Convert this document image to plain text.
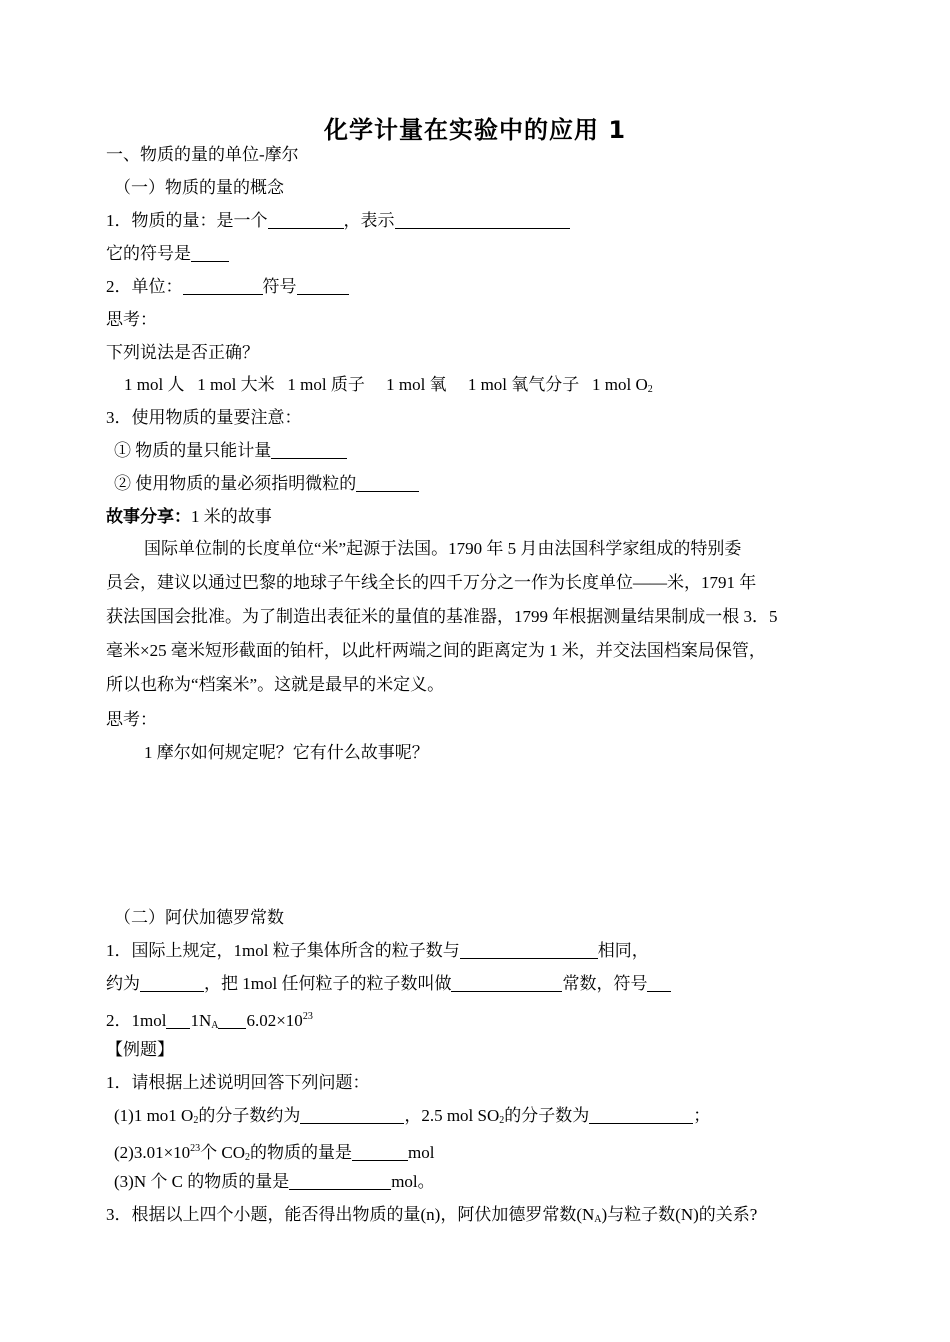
化学计量在实验中的应用 1
一、物质的量的单位-摩尔
（一）物质的量的概念
1．物质的量：是一个	，表示
它的符号是
2．单位：	符号
思考：
下列说法是否正确？
1 mol 人 1 mol 大米 1 mol 质子 1 mol 氧 1 mol 氧气分子 1 mol $O_2$
3．使用物质的量要注意：
① 物质的量只能计量
② 使用物质的量必须指明微粒的
故事分享：1 米的故事
国际单位制的长度单位“米”起源于法国。1790 年 5 月由法国科学家组成的特别委
员会，建议以通过巴黎的地球子午线全长的四千万分之一作为长度单位——米，1791 年
获法国国会批准。为了制造出表征米的量值的基准器，1799 年根据测量结果制成一根 3．5
毫米×25 毫米短形截面的铂杆，以此杆两端之间的距离定为 1 米，并交法国档案局保管，
所以也称为“档案米”。这就是最早的米定义。
思考：
1 摩尔如何规定呢？它有什么故事呢？
（二）阿伏加德罗常数
1．国际上规定，1mol 粒子集体所含的粒子数与	相同，
约为	，把 1mol 任何粒子的粒子数叫做	常数，符号
2．1mol $1N_A$ $6.02\times 10^{23}$
【例题】
1．请根据上述说明回答下列问题：
(1)1 mo1 $O_2$的分子数约为	，2.5 mol $SO_2$的分子数为	；
$(2)3.01\times 10^{23}$个 $CO_2$的物质的量是	mol
(3)N 个 C 的物质的量是	mol。
3．根据以上四个小题，能否得出物质的量(n)，阿伏加德罗常数$(N_A)$与粒子数(N)的关系?
